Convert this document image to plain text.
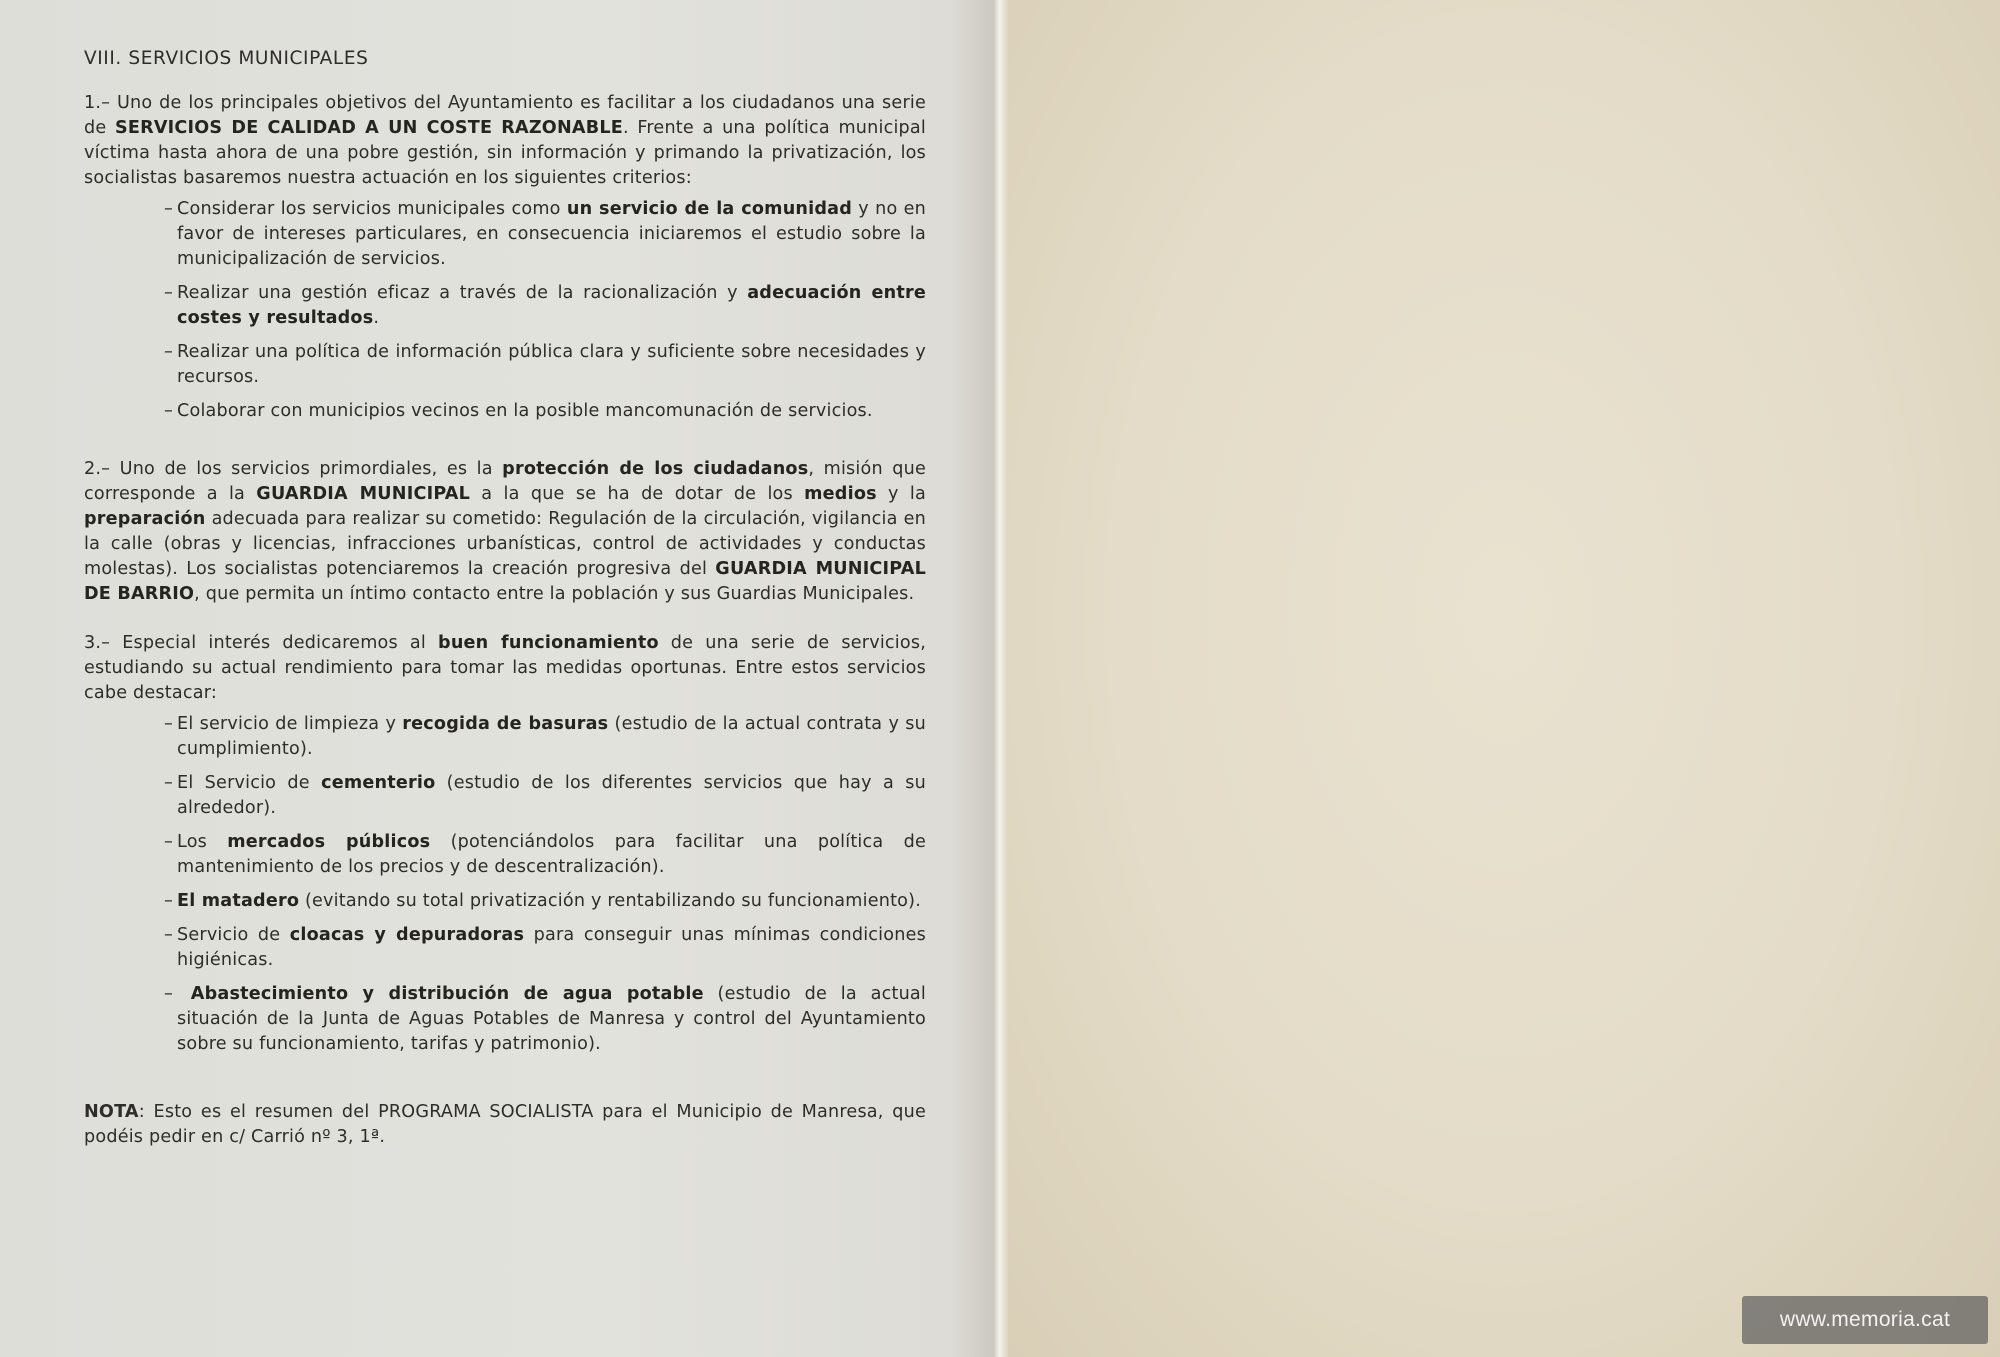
VIII. SERVICIOS MUNICIPALES

1.– Uno de los principales objetivos del Ayuntamiento es facilitar a los ciudadanos una serie de SERVICIOS DE CALIDAD A UN COSTE RAZONABLE. Frente a una política municipal víctima hasta ahora de una pobre gestión, sin información y primando la privatización, los socialistas basaremos nuestra actuación en los siguientes criterios:

– Considerar los servicios municipales como un servicio de la comunidad y no en favor de intereses particulares, en consecuencia iniciaremos el estudio sobre la municipalización de servicios.
– Realizar una gestión eficaz a través de la racionalización y adecuación entre costes y resultados.
– Realizar una política de información pública clara y suficiente sobre necesidades y recursos.
– Colaborar con municipios vecinos en la posible mancomunación de servicios.

2.– Uno de los servicios primordiales, es la protección de los ciudadanos, misión que corresponde a la GUARDIA MUNICIPAL a la que se ha de dotar de los medios y la preparación adecuada para realizar su cometido: Regulación de la circulación, vigilancia en la calle (obras y licencias, infracciones urbanísticas, control de actividades y conductas molestas). Los socialistas potenciaremos la creación progresiva del GUARDIA MUNICIPAL DE BARRIO, que permita un íntimo contacto entre la población y sus Guardias Municipales.

3.– Especial interés dedicaremos al buen funcionamiento de una serie de servicios, estudiando su actual rendimiento para tomar las medidas oportunas. Entre estos servicios cabe destacar:

– El servicio de limpieza y recogida de basuras (estudio de la actual contrata y su cumplimiento).
– El Servicio de cementerio (estudio de los diferentes servicios que hay a su alrededor).
– Los mercados públicos (potenciándolos para facilitar una política de mantenimiento de los precios y de descentralización).
– El matadero (evitando su total privatización y rentabilizando su funcionamiento).
– Servicio de cloacas y depuradoras para conseguir unas mínimas condiciones higiénicas.
– Abastecimiento y distribución de agua potable (estudio de la actual situación de la Junta de Aguas Potables de Manresa y control del Ayuntamiento sobre su funcionamiento, tarifas y patrimonio).

NOTA: Esto es el resumen del PROGRAMA SOCIALISTA para el Municipio de Manresa, que podéis pedir en c/ Carrió nº 3, 1ª.

www.memoria.cat
